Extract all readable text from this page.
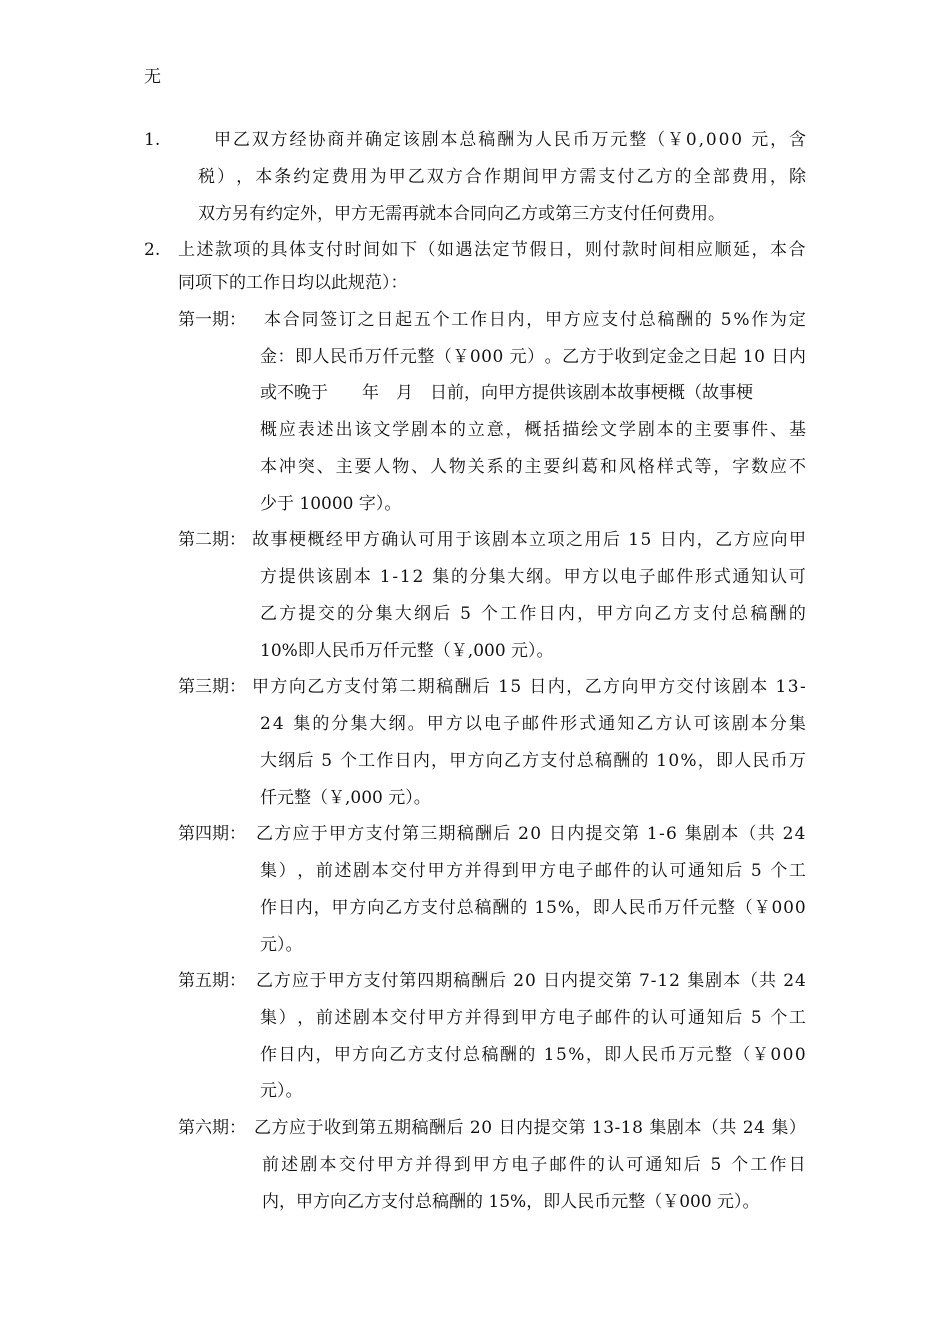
无
1.	甲 乙 双 方 经 协 商 并 确 定 该 剧 本 总 稿 酬 为 人 民 币 万 元 整 （ ￥ 0 , 0 0 0
元 ， 含
税 ） ， 本 条 约 定 费 用 为 甲 乙 双 方 合 作 期 间 甲 方 需 支 付 乙 方 的 全 部 费 用 ， 除
双方另有约定外，甲方无需再就本合同向乙方或第三方支付任何费用。
2. 上 述 款 项 的 具 体 支 付 时 间 如 下 （ 如 遇 法 定 节 假 日 ， 则 付 款 时 间 相 应 顺 延 ， 本 合
同项下的工作日均以此规范）：
第一期： 本 合 同 签 订 之 日 起 五 个 工 作 日 内 ， 甲 方 应 支 付 总 稿 酬 的
5 % 作 为 定
金 ： 即 人 民 币 万 仟 元 整 （ ￥ 0 0 0
元 ） 。 乙 方 于 收 到 定 金 之 日 起
1 0
日 内
或不晚于　　年　月　日前，向甲方提供该剧本故事梗概（故事梗
概 应 表 述 出 该 文 学 剧 本 的 立 意 ， 概 括 描 绘 文 学 剧 本 的 主 要 事 件 、 基
本 冲 突 、 主 要 人 物 、 人 物 关 系 的 主 要 纠 葛 和 风 格 样 式 等 ， 字 数 应 不
少于 10000 字）。
第二期： 故 事 梗 概 经 甲 方 确 认 可 用 于 该 剧 本 立 项 之 用 后
1 5
日 内 ， 乙 方 应 向 甲
方 提 供 该 剧 本
1 - 1 2
集 的 分 集 大 纲 。 甲 方 以 电 子 邮 件 形 式 通 知 认 可
乙 方 提 交 的 分 集 大 纲 后
5
个 工 作 日 内 ， 甲 方 向 乙 方 支 付 总 稿 酬 的
10%即人民币万仟元整（￥,000 元）。
第三期： 甲 方 向 乙 方 支 付 第 二 期 稿 酬 后
1 5
日 内 ， 乙 方 向 甲 方 交 付 该 剧 本
1 3 -
2 4
集 的 分 集 大 纲 。 甲 方 以 电 子 邮 件 形 式 通 知 乙 方 认 可 该 剧 本 分 集
大 纲 后
5
个 工 作 日 内 ， 甲 方 向 乙 方 支 付 总 稿 酬 的
1 0 % ， 即 人 民 币 万
仟元整（￥,000 元）。
第四期： 乙 方 应 于 甲 方 支 付 第 三 期 稿 酬 后
2 0
日 内 提 交 第
1 - 6
集 剧 本 （ 共
2 4
集 ） ， 前 述 剧 本 交 付 甲 方 并 得 到 甲 方 电 子 邮 件 的 认 可 通 知 后
5
个 工
作 日 内 ， 甲 方 向 乙 方 支 付 总 稿 酬 的
1 5 % ， 即 人 民 币 万 仟 元 整 （ ￥ 0 0 0
元）。
第五期： 乙 方 应 于 甲 方 支 付 第 四 期 稿 酬 后
2 0
日 内 提 交 第
7 - 1 2
集 剧 本 （ 共
2 4
集 ） ， 前 述 剧 本 交 付 甲 方 并 得 到 甲 方 电 子 邮 件 的 认 可 通 知 后
5
个 工
作 日 内 ， 甲 方 向 乙 方 支 付 总 稿 酬 的
1 5 % ， 即 人 民 币 万 元 整 （ ￥ 0 0 0
元）。
第六期： 乙 方 应 于 收 到 第 五 期 稿 酬 后
2 0
日 内 提 交 第
1 3 - 1 8
集 剧 本 （ 共
2 4
集 ）
前 述 剧 本 交 付 甲 方 并 得 到 甲 方 电 子 邮 件 的 认 可 通 知 后
5
个 工 作 日
内，甲方向乙方支付总稿酬的 15%，即人民币元整（￥000 元）。
